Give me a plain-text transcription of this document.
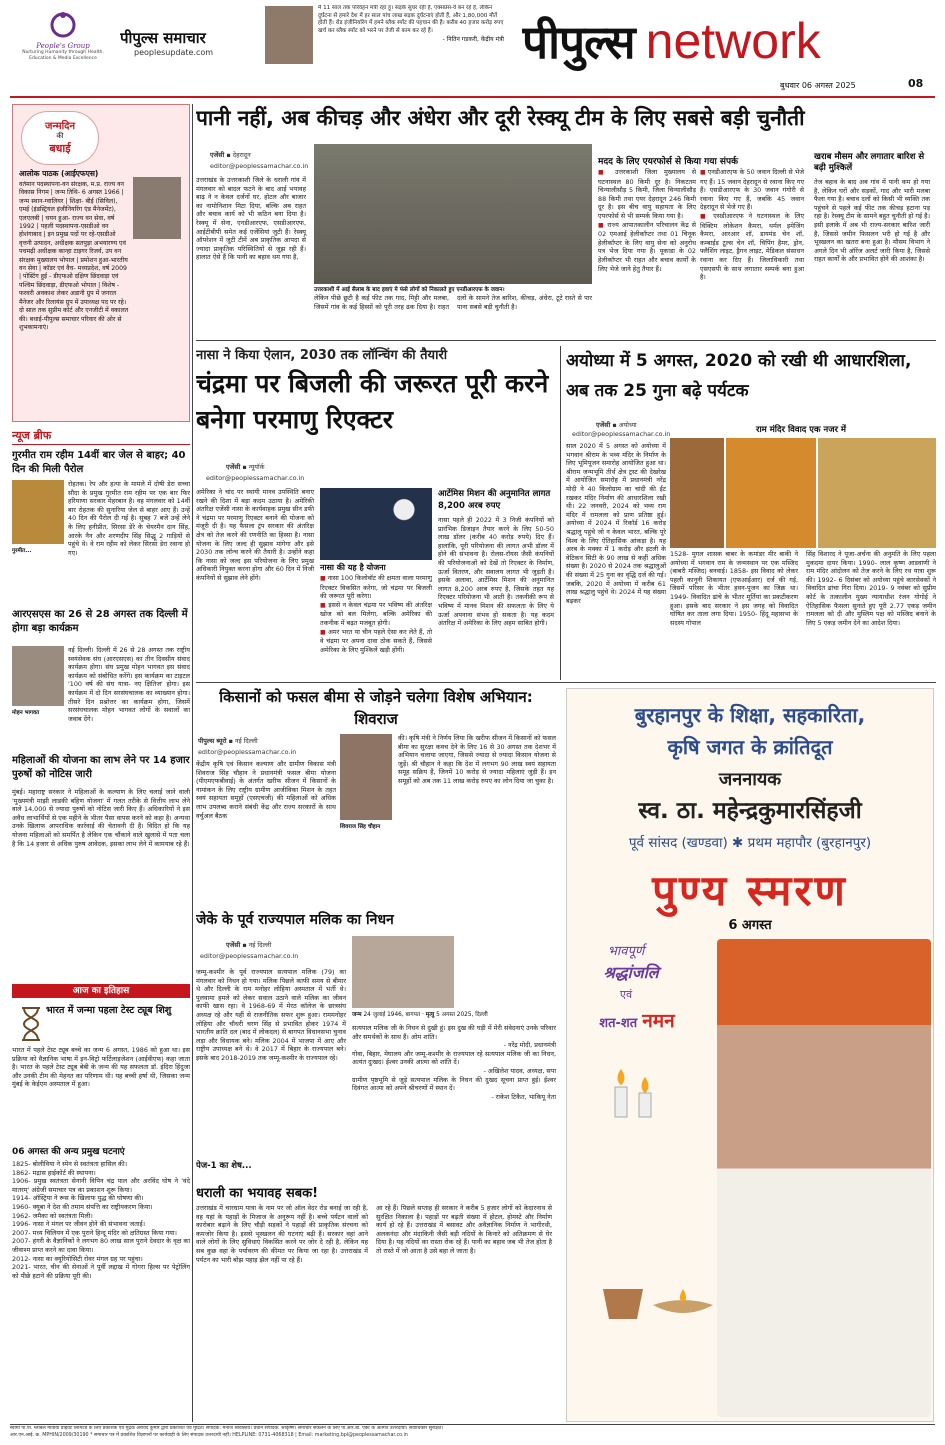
People's Group
Nurturing Humanity through Health, Education & Media Excellence
पीपुल्स समाचार
peoplesupdate.com
मैं 11 साल तक परिवहन मंत्री रहा हूं। सड़कें सुधर रही हैं, एक्सप्रेस-वे बन रहे हैं, लेकिन दुर्घटना से हमारे देश में हर साल पांच लाख सड़क दुर्घटनाएं होती हैं, और 1,80,000 मौतें होती हैं। रोड इंजीनियरिंग में हमने ब्लैक स्पॉट की पहचान की है। करीब 40 हजार करोड़ रुपए खर्च कर ब्लैक स्पॉट को भरने पर तेजी से काम कर रहे हैं।
- नितिन गडकरी, केंद्रीय मंत्री पीपुल्स network
बुधवार 06 अगस्त 2025	08
जन्मदिन
की
बधाई
आलोक पाठक (आईएफएस)
वर्तमान पदस्थापना-वन संरक्षक, म.प्र. राज्य वन विकास निगम | जन्म तिथि- 6 अगस्त 1966 | जन्म स्थान-ग्वालियर | शिक्षा- बीई (सिविल), एमई (इंडस्ट्रियल इंजीनियरिंग एंड मैनेजमेंट), एलएलबी | चयन हुआ- राज्य वन सेवा, वर्ष 1992 | पहली पदस्थापना-एसडीओ वन होशंगाबाद | इन प्रमुख पदों पर रहे-एसडीओ वृत्तनी उत्पादन, अधीक्षक सतपुड़ा अभयारण्य एवं पचमढ़ी अधीक्षक कान्हा टाइगर रिजर्व, उप वन संरक्षक मुख्यालय भोपाल | प्रमोशन हुआ-भारतीय वन सेवा | कॉडर एवं वैच- मध्यप्रदेश, वर्ष 2009 | पोस्टिंग हुई - डीएफओ दक्षिण छिंदवाड़ा एवं पश्चिम छिंदवाड़ा, डीएफओ भोपाल | विशेष - फरवरी अवकाश लेकर अडानी ग्रुप में जनरल मैनेजर और रिलायंस ग्रुप में उपाध्यक्ष पद पर रहे। दो साल तक सुप्रीम कोर्ट और एनजीटी में वकालत की। बधाई-पीपुल्स समाचार परिवार की ओर से शुभकामनाएं।
पानी नहीं, अब कीचड़ और अंधेरा और दूरी रेस्क्यू टीम के लिए सबसे बड़ी चुनौती
एजेंसी ▪ देहरादून
editor@peoplessamachar.co.in
उत्तराखंड के उत्तरकाशी जिले के धराली गांव में मंगलवार को बादल फटने के बाद आई भयावह बाढ़ ने न केवल दर्जनों घर, होटल और बाजार का नामोनिशान मिटा दिया, बल्कि अब राहत और बचाव कार्य को भी कठिन बना दिया है। रेस्क्यू में सेना, एनडीआरएफ, एसडीआरएफ, आईटीबीपी समेत कई एजेंसियां जुटी हैं। रेस्क्यू ऑपरेशन में जुटी टीमें अब प्राकृतिक आपदा से ज्यादा प्राकृतिक परिस्थितियों से जूझ रही हैं। हालात ऐसे हैं कि पानी का बहाव थम गया है,
उत्तरकाशी में आई सैलाब के बाद हवाएं मे फंसे लोगों को निकालते हुए एनडीआरएफ के जवान।
लेकिन पीछे छूटी है कई फीट तक गाद, मिट्टी और मलबा, जिसमें गांव के कई हिस्सों को पूरी तरह ढक दिया है। राहत दलों के सामने तेज बारिश, कीचड़, अंधेरा, टूटे रास्ते से पार पाना सबसे बड़ी चुनौती है।
मदद के लिए एयरफोर्स से किया गया संपर्क
■ उत्तरकाशी जिला मुख्यालय से घटनास्थल 80 किमी दूर है। निकटतम चिन्यालीसौड़ 5 किमी, जिला चिन्यालीसौड़ 88 किमी तथा एयर देहरादून 246 किमी दूर है। इस बीच वायु सहायता के लिए एयरफोर्स से भी सम्पर्क किया गया है।
■ राज्य आपातकालीन परिचालन केंद्र से 02 एमआई हेलीकॉप्टर तथा 01 चिनूक हेलीकॉप्टर के लिए वायु सेना को अनुरोध पत्र भेज दिया गया है। यूकाडा के 02 हेलीकॉप्टर भी राहत और बचाव कार्यों के लिए भेजे जाने हेतु तैयार हैं।
■ एनडीआरएफ के 50 जवान दिल्ली से भेजे गए हैं। 15 जवान देहरादून से रवाना किए गए हैं। एसडीआरएफ के 30 जवान गंगोरी से रवाना किए गए हैं, जबकि 45 जवान देहरादून से भेजे गए हैं।
■ एसडीआरएफ ने घटनास्थल के लिए विक्टिम लोकेशन कैमरा, थर्मल इमेजिंग कैमरा, आरआर शॉ, डायमंड चेन शॉ, कम्बाईड टूल्स चेन शॉ, चिपिंग हैमर, ड्रोन, फ्लैशिंग लाइट, ड्रैगन लाइट, मेडिकल संसाधन रवाना कर दिए हैं। जिलाधिकारी तथा एसएसपी के साथ लगातार सम्पर्क बना हुआ है।
खराब मौसम और लगातार बारिश से बढ़ी मुश्किलें
तेज बहाव के बाद अब गांव में पानी कम हो गया है, लेकिन घरों और सड़कों, गाद और भारी मलबा फैला गया है। बचाव दलों को किसी भी व्यक्ति तक पहुंचने से पहले कई फीट तक कीचड़ हटाना पड़ रहा है। रेस्क्यू टीम के सामने बहुत चुनौती हो गई है। इसी इलाके में अब भी राज्य-सरकार बारिश जारी है, जिससे जमीन फिसलन भरी हो गई है और भूस्खलन का खतरा बना हुआ है। मौसम विभाग ने अगले दिन भी ऑरेंज अलर्ट जारी किया है, जिससे राहत कार्यों के और प्रभावित होने की आशंका है।
न्यूज ब्रीफ
गुरमीत राम रहीम 14वीं बार जेल से बाहर; 40 दिन की मिली पैरोल
रोहतक। रेप और हत्या के मामले में दोषी डेरा सच्चा सौदा के प्रमुख गुरमीत राम रहीम पर एक बार फिर हरियाणा सरकार मेहरबान है। वह मंगलवार को 14वीं बार रोहतक की सुनारिया जेल से बाहर आए हैं। उन्हें 40 दिन की पैरोल दी गई है। सुबह 7 बजे उन्हें लेने के लिए हनीप्रीत, सिरसा डेरे के चेयरमैन दान सिंह, आरके नैन और शरणदीप सिंह सिद्धू 2 गाड़ियों से पहुंचे थे। वे राम रहीम को लेकर सिरसा डेरा रवाना हो गए।
गुरमीत...
आरएसएस का 26 से 28 अगस्त तक दिल्ली में होगा बड़ा कार्यक्रम
मोहन भागवत
नई दिल्ली। दिल्ली में 26 से 28 अगस्त तक राष्ट्रीय स्वयंसेवक संघ (आरएसएस) का तीन दिवसीय संवाद कार्यक्रम होगा। संघ प्रमुख मोहन भागवत इस संवाद कार्यक्रम को संबोधित करेंगे। इस कार्यक्रम का टाइटल '100 वर्ष की संघ यात्रा- नए क्षितिज' होगा। इस कार्यक्रम में दो दिन सरसंघचालक का व्याख्यान होगा। तीसरे दिन प्रश्नोत्तर का कार्यक्रम होगा, जिसमें सरसंघचालक मोहन भागवत लोगों के सवालों का जवाब देंगे।
महिलाओं की योजना का लाभ लेने पर 14 हजार पुरुषों को नोटिस जारी
मुंबई। महाराष्ट्र सरकार ने महिलाओं के कल्याण के लिए चलाई जाने वाली 'मुख्यमंत्री माझी लाडकी बहिण योजना' में गलत तरीके से वित्तीय लाभ लेने वाले 14,000 से ज्यादा पुरुषों को नोटिस जारी किए हैं। अधिकारियों ने इस अवैध लाभार्थियों से एक महीने के भीतर पैसा वापस करने को कहा है। अन्यथा उनके खिलाफ आपराधिक कार्रवाई की चेतावनी दी है। विदित हो कि यह योजना महिलाओं को समर्पित है लेकिन एक चौंकाने वाले खुलासे में पता चला है कि 14 हजार से अधिक पुरुष आवेदक, इसका लाभ लेने में कामयाब रहे हैं।
आज का इतिहास
भारत में जन्मा पहला टेस्ट ट्यूब शिशु
भारत में पहले टेस्ट ट्यूब बच्चे का जन्म 6 अगस्त, 1986 को हुआ था। इस प्रक्रिया को वैज्ञानिक भाषा में इन-विट्रो फर्टिलाइजेशन (आईवीएफ) कहा जाता है। भारत के पहले टेस्ट ट्यूब बेबी के जन्म की यह सफलता डॉ. इंदिरा हिंदुजा और उनकी टीम की मेहनत का परिणाम थी। यह बच्ची हर्षा थी, जिसका जन्म मुंबई के केईएम अस्पताल में हुआ।
06 अगस्त की अन्य प्रमुख घटनाएं
1825- बोलीविया ने स्पेन से स्वतंत्रता हासिल की।
1862- मद्रास हाईकोर्ट की स्थापना।
1906- प्रमुख स्वतंत्रता सेनानी विपिन चंद्र पाल और अरविंद घोष ने 'वंदे मातरम्' अंग्रेजी समाचार पत्र का प्रकाशन शुरू किया।
1914- ऑस्ट्रिया ने रूस के खिलाफ युद्ध की घोषणा की।
1960- क्यूबा ने देश की तमाम संपत्ति का राष्ट्रीयकरण किया।
1962- जमैका को स्वतंत्रता मिली।
1996- नासा ने मंगल पर जीवन होने की संभावना जताई।
2007- मध्य चिलियन में एक पुराने हिन्दू मंदिर को क्षतिग्रस्त किया गया।
2007- हंगरी के वैज्ञानिकों ने लगभग 80 लाख साल पुराने देवदार के वृक्ष का जीवाश्म प्राप्त करने का दावा किया।
2012- नासा का क्यूरियोसिटी रोवर मंगल ग्रह पर पहुंचा।
2021- भारत, चीन की सेनाओं ने पूर्वी लद्दाख में गोगरा हिल्स पर पेट्रोलिंग को पीछे हटाने की प्रक्रिया पूरी की।
नासा ने किया ऐलान, 2030 तक लॉन्चिंग की तैयारी
चंद्रमा पर बिजली की जरूरत पूरी करने बनेगा परमाणु रिएक्टर
एजेंसी ▪ न्यूयॉर्क
editor@peoplessamachar.co.in
अमेरिका ने चांद पर स्थायी मानव उपस्थिति बनाए रखने की दिशा में बड़ा कदम उठाया है। अमेरिकी अंतरिक्ष एजेंसी नासा के कार्यवाहक प्रमुख सीन डफी ने चंद्रमा पर परमाणु रिएक्टर बनाने की योजना को मंजूरी दी है। यह फैसला ट्रंप सरकार की अंतरिक्ष क्षेत्र को तेज करने की रणनीति का हिस्सा है। नासा योजना के लिए जल्द ही सुझाव मांगेगा और इसे 2030 तक लॉन्च करने की तैयारी है। उन्होंने कहा कि नासा को जल्द इस परियोजना के लिए प्रमुख अधिकारी नियुक्त करना होगा और 60 दिन में निजी कंपनियों से सुझाव लेने होंगे।
नासा की यह है योजना
■ नासा 100 किलोवॉट की क्षमता वाला परमाणु रिएक्टर विकसित करेगा, जो चंद्रमा पर बिजली की जरूरत पूरी करेगा।
■ इससे न केवल चंद्रमा पर भविष्य की अंतरिक्ष खोज को बल मिलेगा, बल्कि अमेरिका की तकनीक में बढ़त मजबूत होगी।
■ अमर भरत या चीन पहले ऐसा कर लेते हैं, तो वे चंद्रमा पर अपना दावा ठोक सकते हैं, जिससे अमेरिका के लिए मुश्किलें खड़ी होंगी।
आर्टेमिस मिशन की अनुमानित लागत 8,200 अरब रुपए
नासा पहले ही 2022 में 3 निजी कंपनियों को प्रारंभिक डिजाइन तैयार करने के लिए 50-50 लाख डॉलर (करीब 40 करोड़ रुपये) दिए हैं। हालांकि, पूरी परियोजना की लागत अभी डॉलर में होने की संभावना है। रोलस-रॉयस जैसी कंपनियों की परियोजनाओं को देखें तो रिएक्टर के निर्माण, ऊर्जा वितरण, और सवालय लागत भी जुड़ती है। इसके अलावा, आर्टेमिस मिशन की अनुमानित लागत 8,200 अरब रुपए है, जिसके तहत यह रिएक्टर परियोजना भी आती है। तकनीकी रूप से भविष्य में मानव मिशन की सफलता के लिए ये ऊर्जा अपनाना संभव हो सकता है। यह कदम अंतरिक्ष में अमेरिका के लिए अहम साबित होगी।
अयोध्या में 5 अगस्त, 2020 को रखी थी आधारशिला, अब तक 25 गुना बढ़े पर्यटक
एजेंसी ▪ अयोध्या
editor@peoplessamachar.co.in
साल 2020 में 5 अगस्त को अयोध्या में भगवान श्रीराम के भव्य मंदिर के निर्माण के लिए भूमिपूजन समारोह आयोजित हुआ था। श्रीराम जन्मभूमि तीर्थ क्षेत्र ट्रस्ट की देखरेख में आयोजित समारोह में प्रधानमंत्री नरेंद्र मोदी ने 40 किलोग्राम का चांदी की ईंट रखकर मंदिर निर्माण की आधारशिला रखी थी। 22 जनवरी, 2024 को भव्य राम मंदिर में रामलला को प्राण प्रतिष्ठा हुई। अयोध्या में 2024 में रिकॉर्ड 16 करोड़ श्रद्धालु पहुंचे जो न केवल भारत, बल्कि पूरे विश्व के लिए ऐतिहासिक आंकड़ा है। यह अरब के मक्का में 1 करोड़ और इटली के वेटिकन सिटी के 90 लाख से कहीं अधिक संख्या है। 2020 से 2024 तक श्रद्धालुओं की संख्या में 25 गुना का वृद्धि दर्ज की गई। जबकि, 2020 में अयोध्या में करीब 61 लाख श्रद्धालु पहुंचे थे। 2024 में यह संख्या बढ़कर
राम मंदिर विवाद एक नजर में
1528- मुगल शासक बाबर के कमांडर मीर बाकी ने अयोध्या में भगवान राम के जन्मस्थान पर एक मस्जिद (बाबरी मस्जिद) बनवाई। 1858- इस विवाद को लेकर पहली कानूनी शिकायत (एफआईआर) दर्ज की गई, जिसमें परिसर के भीतर हवन-पूजन का जिक्र था। 1949- विवादित ढांचे के भीतर मूर्तियां का प्रकटीकरण हुआ। इसके बाद सरकार ने इस जगह को विवादित घोषित कर ताला लगा दिया। 1950- हिंदू महासभा के सदस्य गोपाल
सिंह विशारद ने पूजा-अर्चना की अनुमति के लिए पहला मुकदमा दायर किया। 1990- लाल कृष्ण आडवाणी ने राम मंदिर आंदोलन को तेज करने के लिए रथ यात्रा शुरू की। 1992- 6 दिसंबर को अयोध्या पहुंचे कारसेवकों ने विवादित ढांचा गिरा दिया। 2019- 9 नवंबर को सुप्रीम कोर्ट के तत्कालीन मुख्य न्यायाधीश रंजन गोगोई ने ऐतिहासिक फैसला सुनाते हुए पूरी 2.77 एकड़ जमीन रामलला को दी और मुस्लिम पक्ष को मस्जिद बनाने के लिए 5 एकड़ जमीन देने का आदेश दिया।
किसानों को फसल बीमा से जोड़ने चलेगा विशेष अभियान: शिवराज
पीपुल्स ब्यूरो ▪ नई दिल्ली
editor@peoplessamachar.co.in
केंद्रीय कृषि एवं किसान कल्याण और ग्रामीण विकास मंत्री शिवराज सिंह चौहान ने प्रधानमंत्री फसल बीमा योजना (पीएमएफबीवाई) के अंतर्गत खरीफ सीजन में किसानों के नामांकन के लिए राष्ट्रीय ग्रामीण आजीविका मिशन के तहत स्वयं सहायता समूहों (एसएचजी) की महिलाओं को अधिक लाभ उपलब्ध कराने संबंधी केंद्र और राज्य सरकारों के साथ वर्चुअल बैठक
शिवराज सिंह चौहान
की। कृषि मंत्री ने निर्णय लिया कि खरीफ सीजन में किसानों को फसल बीमा का सुरक्षा कवच देने के लिए 16 से 30 अगस्त तक देशभर में अभियान चलाया जाएगा, जिससे ज्यादा से ज्यादा किसान योजना से जुड़ें। श्री चौहान ने कहा कि देश में लगभग 90 लाख स्वयं सहायता समूह सक्रिय हैं, जिनमें 10 करोड़ से ज्यादा महिलाएं जुड़ी हैं। इन समूहों को अब तक 11 लाख करोड़ रुपए का लोन दिया जा चुका है।
जेके के पूर्व राज्यपाल मलिक का निधन
एजेंसी ▪ नई दिल्ली
editor@peoplessamachar.co.in
जम्मू-कश्मीर के पूर्व राज्यपाल सत्यपाल मलिक (79) का मंगलवार को निधन हो गया। मलिक पिछले काफी समय से बीमार थे और दिल्ली के राम मनोहर लोहिया अस्पताल में भर्ती थे। पुलवामा हमले को लेकर सवाल उठाने वाले मलिक का जीवन काफी खास रहा। वे 1968-69 में मेरठ कॉलेज के छात्रसंघ अध्यक्ष रहे और यहीं से राजनीतिक सफर शुरू हुआ। राममनोहर लोहिया और चौधरी चरण सिंह से प्रभावित होकर 1974 में भारतीय क्रांति दल (बाद में लोकदल) से बागपत विधानसभा चुनाव लड़ा और विधायक बने। मलिक 2004 में भाजपा में आए और राष्ट्रीय उपाध्यक्ष बने थे। वे 2017 में बिहार के राज्यपाल बने। इसके बाद 2018-2019 तक जम्मू-कश्मीर के राज्यपाल रहे।
जन्म 24 जुलाई 1946, बागपत · मृत्यु 5 अगस्त 2025, दिल्ली
सत्यपाल मलिक जी के निधन से दुखी हूं। इस दुख की घड़ी में मेरी संवेदनाएं उनके परिवार और समर्थकों के साथ हैं। ओम शांति।
- नरेंद्र मोदी, प्रधानमंत्री
गोवा, बिहार, मेघालय और जम्मू-कश्मीर के राज्यपाल रहे सत्यपाल मलिक जी का निधन, अत्यंत दुःखद। ईश्वर उनकी आत्मा को शांति दें।
- अखिलेश यादव, अध्यक्ष, सपा
ग्रामीण पृष्ठभूमि से जुड़े सत्यपाल मलिक के निधन की दुखद सूचना प्राप्त हुई। ईश्वर दिवंगत आत्मा को अपने श्रीचरणों में स्थान दें।
- राकेश टिकैत, भाकियू नेता
पेज-1 का शेष...
धराली का भयावह सबक!
उत्तराखंड में चारधाम यात्रा के नाम पर जो ऑल वेदर रोड बनाई जा रही है, वह यहां के पहाड़ों के मिजाज के अनुरूप नहीं है। बच्चे पर्यटन वालों को कारोबार बढ़ाने के लिए चौड़ी सड़कों ने पहाड़ों की प्राकृतिक संरचना को कमजोर किया है। इससे भूस्खलन की घटनाएं बढ़ी हैं। सरकार वहां आने वाले लोगों के लिए सुविधाएं विकसित करने पर जोर दे रही है, लेकिन यह सब कुछ वहां के पर्यावरण की कीमत पर किया जा रहा है। उत्तराखंड में पर्यटन का भारी बोझ पहाड़ झेल नहीं पा रहे हैं।
आ रहे हैं। पिछले सप्ताह ही सरकार ने करीब 5 हजार लोगों को केदारनाथ से सुरक्षित निकाला है। पहाड़ों पर बढ़ती संख्या में होटल, होमस्टे और निर्माण कार्य हो रहे हैं। उत्तराखंड में बसावट और अवैज्ञानिक निर्माण ने भागीरथी, अलकनंदा और मंदाकिनी जैसी बड़ी नदियों के किनारे को अतिक्रमण से घेर दिया है। यह नदियों का रास्ता रोक रहे हैं। पानी का बहाव जब भी तेज होता है तो रास्ते में जो आता है उसे बहा ले जाता है।
बुरहानपुर के शिक्षा, सहकारिता,
कृषि जगत के क्रांतिदूत
जननायक
स्व. ठा. महेन्द्रकुमारसिंहजी
पूर्व सांसद (खण्डवा) ✱ प्रथम महापौर (बुरहानपुर)
पुण्य स्मरण
6 अगस्त
भावपूर्ण
श्रद्धांजलि
एवं
शत-शत नमन
स्वामी पी.पी. ग्लोबल मीडिया प्राइवेट लिमिटेड के लिए प्रकाशक एवं मुद्रक अरविंद कुमार द्वारा प्रकाशित एवं मुद्रित। संपादक: मनोज श्रीवास्तव। प्रधान संपादक: श्रीकृष्ण। समाचार संकलन के लिए पी.आर.बी. एक्ट के अंतर्गत उत्तरदायी। सर्वाधिकार सुरक्षित।
आर.एन.आई. क्र. MPHIN/2009/30190 * समाचार पत्र में प्रकाशित विज्ञापनों पर कार्यवाही के लिए संपादक उत्तरदायी नहीं। HELPLINE: 0731-4068318 | Email: marketing.bpl@peoplessamachar.co.in
